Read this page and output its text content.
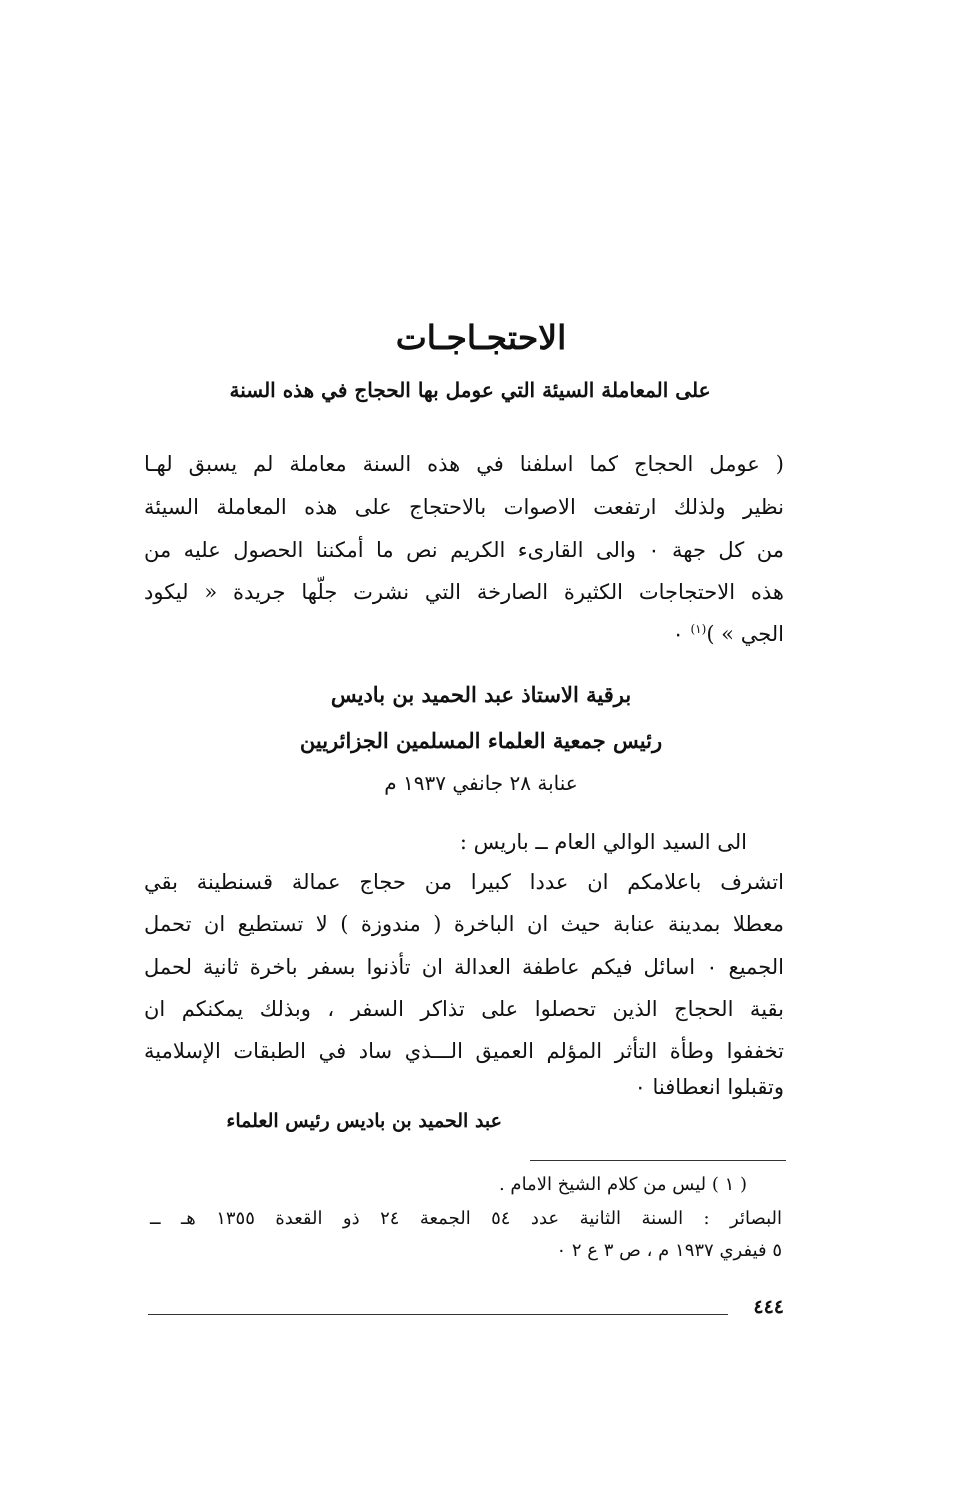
الاحتجـاجـات
على المعاملة السيئة التي عومل بها الحجاج في هذه السنة
( عومل الحجاج كما اسلفنا في هذه السنة معاملة لم يسبق لهـا
نظير ولذلك ارتفعت الاصوات بالاحتجاج على هذه المعاملة السيئة
من كل جهة ٠ والى القارىء الكريم نص ما أمكننا الحصول عليه من
هذه الاحتجاجات الكثيرة الصارخة التي نشرت جلّها جريدة « ليكود
الجي » )$^{(١)}$ ٠
برقية الاستاذ عبد الحميد بن باديس
رئيس جمعية العلماء المسلمين الجزائريين
عنابة ٢٨ جانفي ١٩٣٧ م
الى السيد الوالي العام ــ باريس :
اتشرف باعلامكم ان عددا كبيرا من حجاج عمالة قسنطينة بقي
معطلا بمدينة عنابة حيث ان الباخرة ( مندوزة ) لا تستطيع ان تحمل
الجميع ٠ اسائل فيكم عاطفة العدالة ان تأذنوا بسفر باخرة ثانية لحمل
بقية الحجاج الذين تحصلوا على تذاكر السفر ، وبذلك يمكنكم ان
تخففوا وطأة التأثر المؤلم العميق الـــذي ساد في الطبقات الإسلامية
وتقبلوا انعطافنا ٠
عبد الحميد بن باديس رئيس العلماء
( ١ ) ليس من كلام الشيخ الامام .
البصائر : السنة الثانية عدد ٥٤ الجمعة ٢٤ ذو القعدة ١٣٥٥ هـ ــ
٥ فيفري ١٩٣٧ م ، ص ٣ ع ٢ ٠
٤٤٤
